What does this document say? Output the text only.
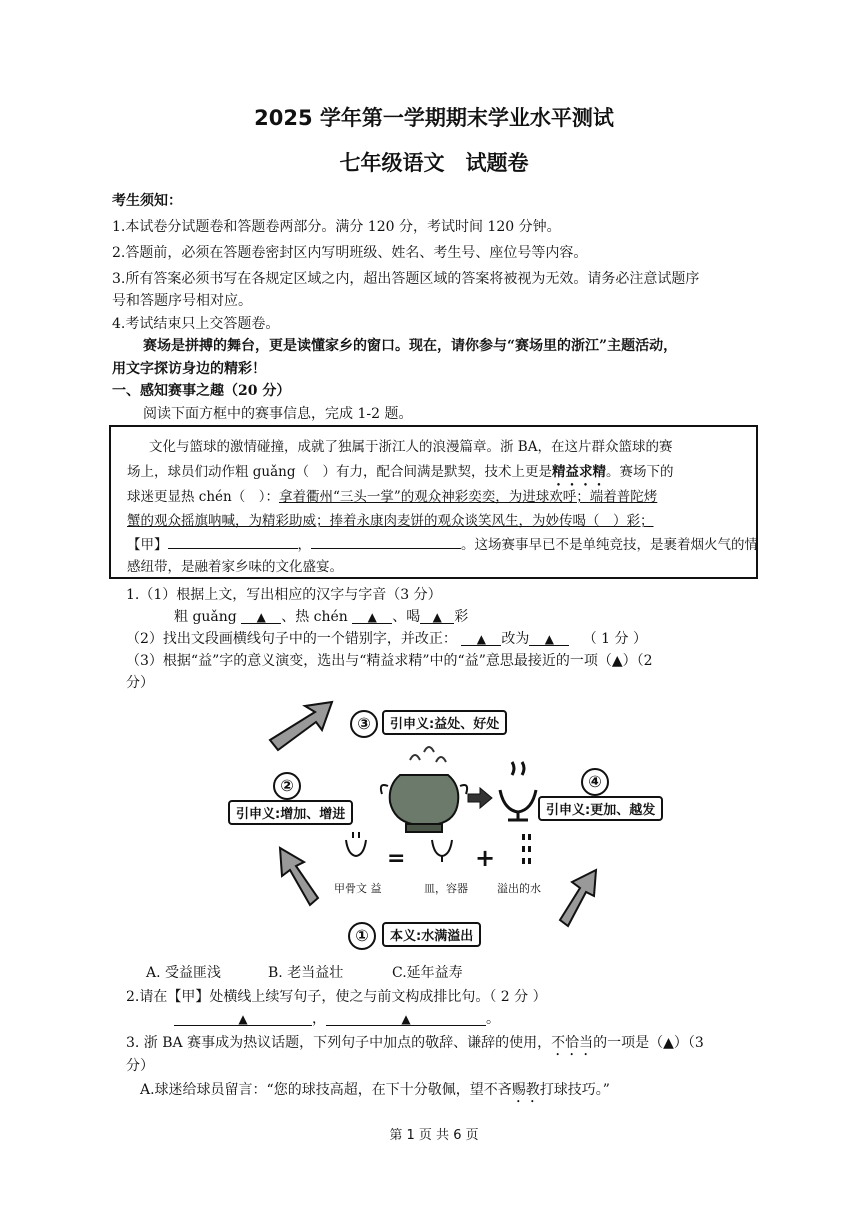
2025 学年第一学期期末学业水平测试
七年级语文　试题卷
考生须知：
1.本试卷分试题卷和答题卷两部分。满分 120 分，考试时间 120 分钟。
2.答题前，必须在答题卷密封区内写明班级、姓名、考生号、座位号等内容。
3.所有答案必须书写在各规定区域之内，超出答题区域的答案将被视为无效。请务必注意试题序
号和答题序号相对应。
4.考试结束只上交答题卷。
赛场是拼搏的舞台，更是读懂家乡的窗口。现在，请你参与“赛场里的浙江”主题活动，
用文字探访身边的精彩！
一、感知赛事之趣（20 分）
阅读下面方框中的赛事信息，完成 1-2 题。
文化与篮球的激情碰撞，成就了独属于浙江人的浪漫篇章。浙 BA，在这片群众篮球的赛
场上，球员们动作粗 guǎng（　）有力，配合间满是默契，技术上更是精益求精。赛场下的
球迷更显热 chén（　）：拿着衢州“三头一掌”的观众神彩奕奕，为进球欢呼；端着普陀烤
蟹的观众摇旗呐喊，为精彩助威；捧着永康肉麦饼的观众谈笑风生，为妙传喝（　）彩；
【甲】	，	。这场赛事早已不是单纯竞技，是裹着烟火气的情
感纽带，是融着家乡味的文化盛宴。
1.（1）根据上文，写出相应的汉字与字音（3 分）
粗 guǎng ▲ 、热 chén ▲ 、喝 ▲ 彩
（2）找出文段画横线句子中的一个错别字，并改正： ▲ 改为 ▲ （ 1 分 ）
（3）根据“益”字的意义演变，选出与“精益求精”中的“益”意思最接近的一项（▲）（2
分）
③	引申义:益处、好处
②
引申义:增加、增进
④
引申义:更加、越发
=	+
甲骨文 益	皿，容器	溢出的水
①	本义:水满溢出
A. 受益匪浅	B. 老当益壮	C.延年益寿
2.请在【甲】处横线上续写句子，使之与前文构成排比句。（ 2 分 ）
▲	，	▲	。
3. 浙 BA 赛事成为热议话题，下列句子中加点的敬辞、谦辞的使用，不恰当的一项是（▲）（3
分）
A.球迷给球员留言：“您的球技高超，在下十分敬佩，望不吝赐教打球技巧。”
第 1 页 共 6 页
